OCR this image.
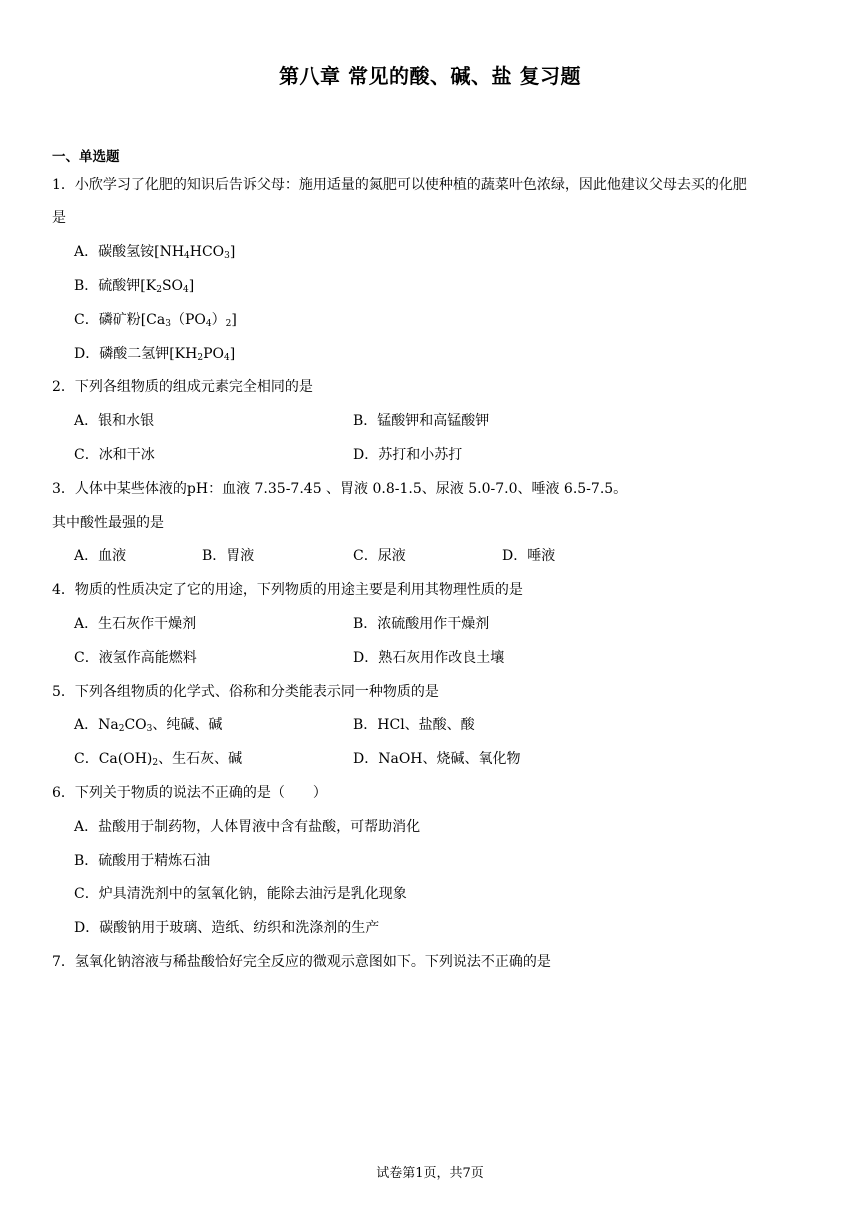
第八章 常见的酸、碱、盐 复习题
一、单选题
1．小欣学习了化肥的知识后告诉父母：施用适量的氮肥可以使种植的蔬菜叶色浓绿，因此他建议父母去买的化肥
是
A．碳酸氢铵$[NH_4HCO_3]$
B．硫酸钾$[K_2SO_4]$
C．磷矿粉$[Ca_3(PO_4)_2]$
D．磷酸二氢钾$[KH_2PO_4]$
2．下列各组物质的组成元素完全相同的是
A．银和水银	B．锰酸钾和高锰酸钾
C．冰和干冰	D．苏打和小苏打
3．人体中某些体液的pH：血液 7.35-7.45 、胃液 0.8-1.5、尿液 5.0-7.0、唾液 6.5-7.5。
其中酸性最强的是
A．血液	B．胃液	C．尿液	D．唾液
4．物质的性质决定了它的用途，下列物质的用途主要是利用其物理性质的是
A．生石灰作干燥剂	B．浓硫酸用作干燥剂
C．液氢作高能燃料	D．熟石灰用作改良土壤
5．下列各组物质的化学式、俗称和分类能表示同一种物质的是
A．$Na_2CO_3$、纯碱、碱	B．HCl、盐酸、酸
C．$Ca(OH)_2$、生石灰、碱	D．NaOH、烧碱、氧化物
6．下列关于物质的说法不正确的是（　　）
A．盐酸用于制药物，人体胃液中含有盐酸，可帮助消化
B．硫酸用于精炼石油
C．炉具清洗剂中的氢氧化钠，能除去油污是乳化现象
D．碳酸钠用于玻璃、造纸、纺织和洗涤剂的生产
7．氢氧化钠溶液与稀盐酸恰好完全反应的微观示意图如下。下列说法不正确的是
试卷第1页，共7页
